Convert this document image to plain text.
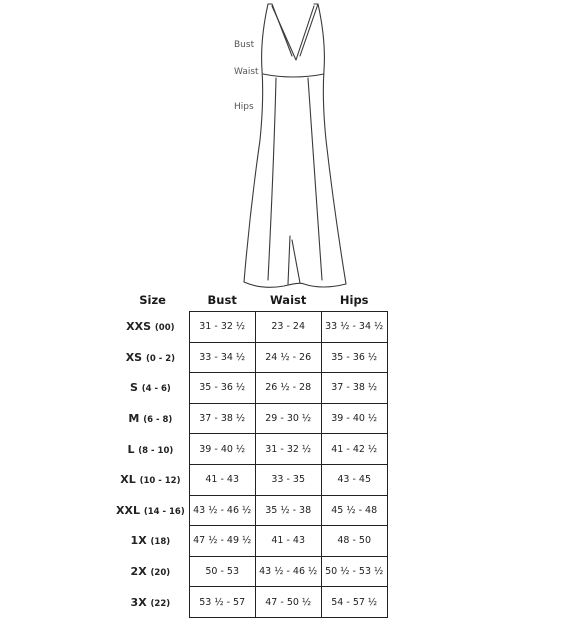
Bust
Waist
Hips
Size	Bust	Waist	Hips
XXS (00)	31 - 32 ½	23 - 24	33 ½ - 34 ½
XS (0 - 2)	33 - 34 ½	24 ½ - 26	35 - 36 ½
S (4 - 6)	35 - 36 ½	26 ½ - 28	37 - 38 ½
M (6 - 8)	37 - 38 ½	29 - 30 ½	39 - 40 ½
L (8 - 10)	39 - 40 ½	31 - 32 ½	41 - 42 ½
XL (10 - 12)	41 - 43	33 - 35	43 - 45
XXL (14 - 16)	43 ½ - 46 ½	35 ½ - 38	45 ½ - 48
1X (18)	47 ½ - 49 ½	41 - 43	48 - 50
2X (20)	50 - 53	43 ½ - 46 ½	50 ½ - 53 ½
3X (22)	53 ½ - 57	47 - 50 ½	54 - 57 ½
